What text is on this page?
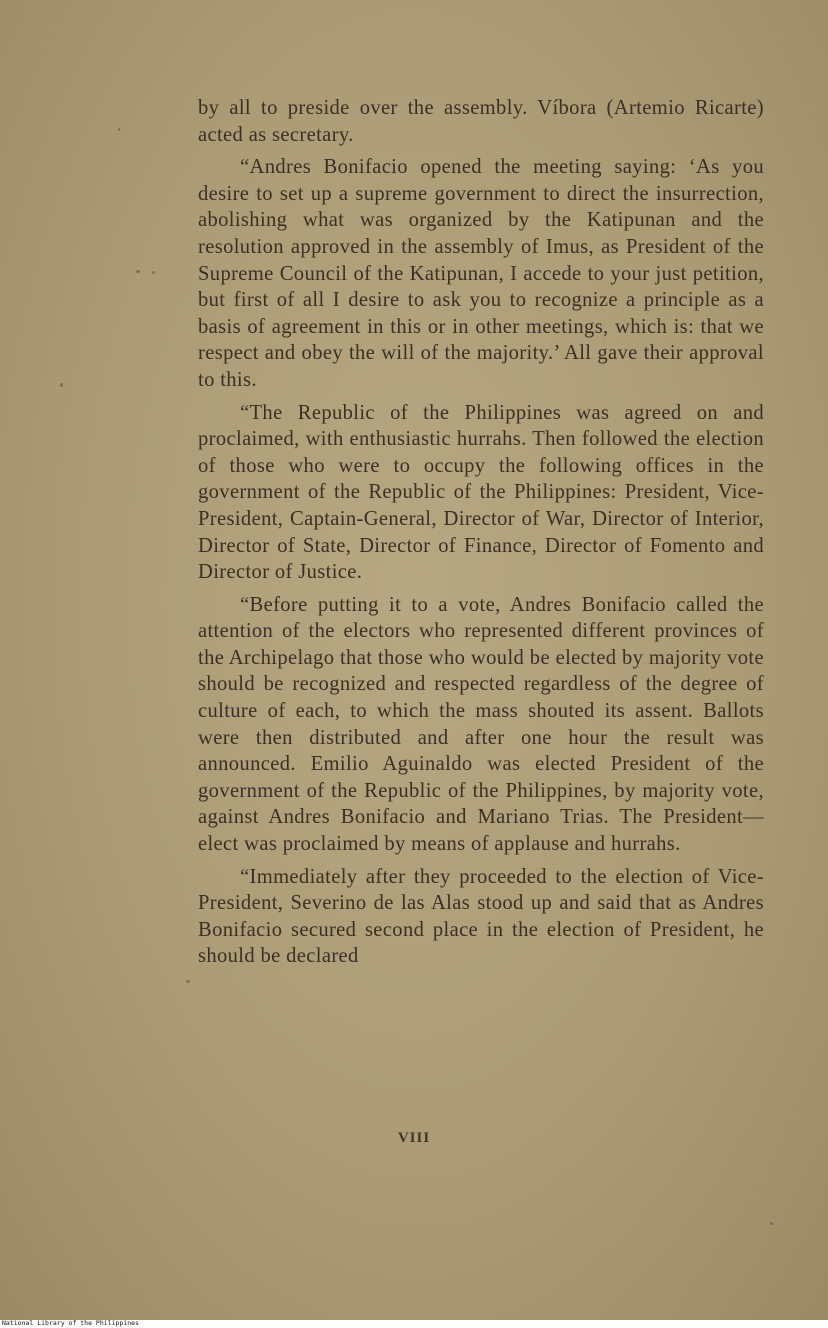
by all to preside over the assembly. Víbora (Artemio Ricarte) acted as secretary.

“Andres Bonifacio opened the meeting saying: ‘As you desire to set up a supreme government to direct the insurrection, abolishing what was organized by the Katipunan and the resolution approved in the assembly of Imus, as President of the Supreme Council of the Katipunan, I accede to your just petition, but first of all I desire to ask you to recognize a principle as a basis of agreement in this or in other meetings, which is: that we respect and obey the will of the majority.’ All gave their approval to this.

“The Republic of the Philippines was agreed on and proclaimed, with enthusiastic hurrahs. Then followed the election of those who were to occupy the following offices in the government of the Republic of the Philippines: President, Vice-President, Captain-General, Director of War, Director of Interior, Director of State, Director of Finance, Director of Fomento and Director of Justice.

“Before putting it to a vote, Andres Bonifacio called the attention of the electors who represented different provinces of the Archipelago that those who would be elected by majority vote should be recognized and respected regardless of the degree of culture of each, to which the mass shouted its assent. Ballots were then distributed and after one hour the result was announced. Emilio Aguinaldo was elected President of the government of the Republic of the Philippines, by majority vote, against Andres Bonifacio and Mariano Trias. The President—elect was proclaimed by means of applause and hurrahs.

“Immediately after they proceeded to the election of Vice-President, Severino de las Alas stood up and said that as Andres Bonifacio secured second place in the election of President, he should be declared

VIII
National Library of the Philippines
